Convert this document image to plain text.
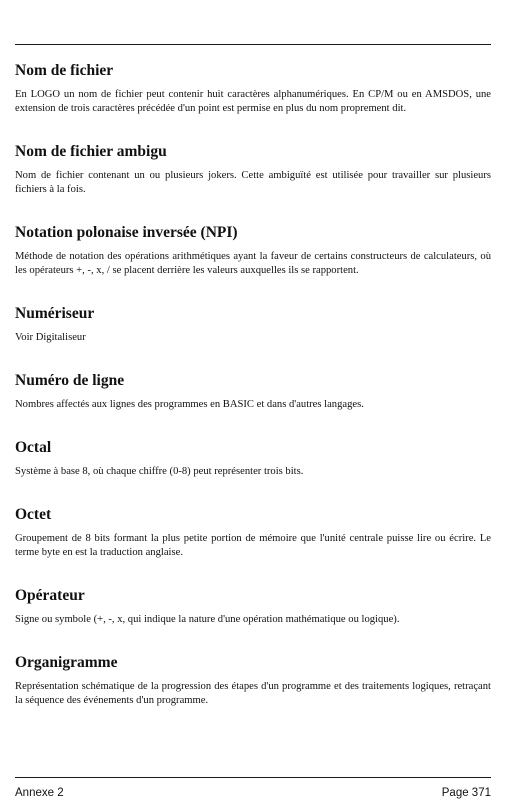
Nom de fichier

En LOGO un nom de fichier peut contenir huit caractères alphanumériques. En CP/M ou en AMSDOS, une extension de trois caractères précédée d'un point est permise en plus du nom proprement dit.

Nom de fichier ambigu

Nom de fichier contenant un ou plusieurs jokers. Cette ambiguïté est utilisée pour travailler sur plusieurs fichiers à la fois.

Notation polonaise inversée (NPI)

Méthode de notation des opérations arithmétiques ayant la faveur de certains constructeurs de calculateurs, où les opérateurs +, -, x, / se placent derrière les valeurs auxquelles ils se rapportent.

Numériseur

Voir Digitaliseur

Numéro de ligne

Nombres affectés aux lignes des programmes en BASIC et dans d'autres langages.

Octal

Système à base 8, où chaque chiffre (0-8) peut représenter trois bits.

Octet

Groupement de 8 bits formant la plus petite portion de mémoire que l'unité centrale puisse lire ou écrire. Le terme byte en est la traduction anglaise.

Opérateur

Signe ou symbole (+, -, x, qui indique la nature d'une opération mathématique ou logique).

Organigramme

Représentation schématique de la progression des étapes d'un programme et des traitements logiques, retraçant la séquence des événements d'un programme.

Annexe 2	Page 371
